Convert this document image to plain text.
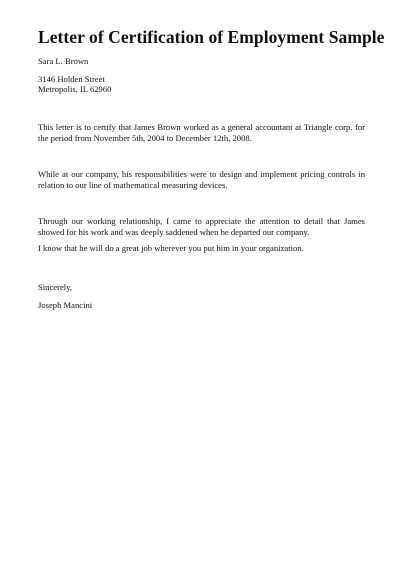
Letter of Certification of Employment Sample

Sara L. Brown

3146 Holden Street

Metropolis, IL 62960

This letter is to certify that James Brown worked as a general accountant at Triangle corp. for the period from November 5th, 2004 to December 12th, 2008.

While at our company, his responsibilities were to design and implement pricing controls in relation to our line of mathematical measuring devices.

Through our working relationship, I came to appreciate the attention to detail that James showed for his work and was deeply saddened when he departed our company.

I know that he will do a great job wherever you put him in your organization.

Sincerely,

Joseph Mancini
